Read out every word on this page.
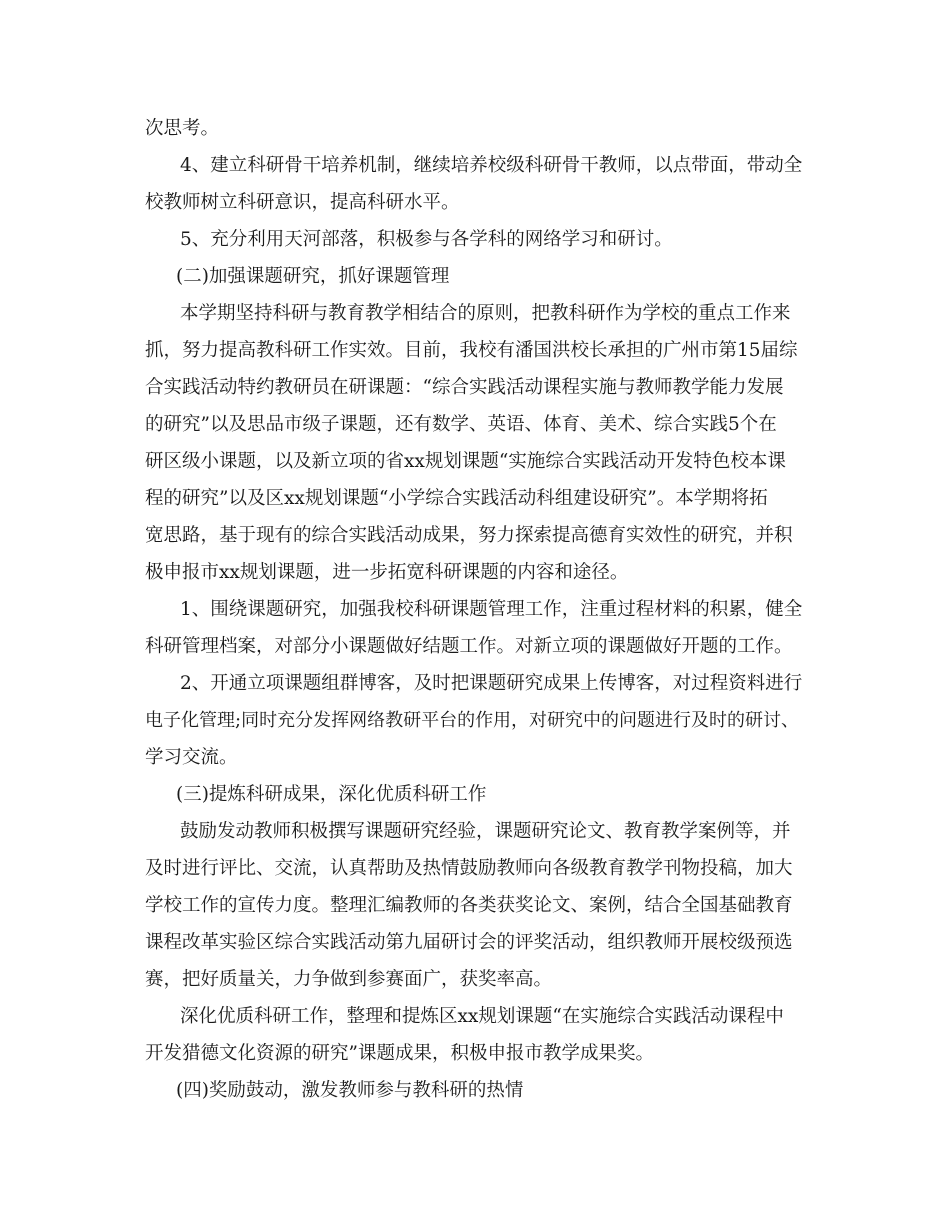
次思考。
4、建立科研骨干培养机制，继续培养校级科研骨干教师，以点带面，带动全
校教师树立科研意识，提高科研水平。
5、充分利用天河部落，积极参与各学科的网络学习和研讨。
(二)加强课题研究，抓好课题管理
本学期坚持科研与教育教学相结合的原则，把教科研作为学校的重点工作来
抓，努力提高教科研工作实效。目前，我校有潘国洪校长承担的广州市第15届综
合实践活动特约教研员在研课题：“综合实践活动课程实施与教师教学能力发展
的研究”以及思品市级子课题，还有数学、英语、体育、美术、综合实践5个在
研区级小课题，以及新立项的省xx规划课题“实施综合实践活动开发特色校本课
程的研究”以及区xx规划课题“小学综合实践活动科组建设研究”。本学期将拓
宽思路，基于现有的综合实践活动成果，努力探索提高德育实效性的研究，并积
极申报市xx规划课题，进一步拓宽科研课题的内容和途径。
1、围绕课题研究，加强我校科研课题管理工作，注重过程材料的积累，健全
科研管理档案，对部分小课题做好结题工作。对新立项的课题做好开题的工作。
2、开通立项课题组群博客，及时把课题研究成果上传博客，对过程资料进行
电子化管理;同时充分发挥网络教研平台的作用，对研究中的问题进行及时的研讨、
学习交流。
(三)提炼科研成果，深化优质科研工作
鼓励发动教师积极撰写课题研究经验，课题研究论文、教育教学案例等，并
及时进行评比、交流，认真帮助及热情鼓励教师向各级教育教学刊物投稿，加大
学校工作的宣传力度。整理汇编教师的各类获奖论文、案例，结合全国基础教育
课程改革实验区综合实践活动第九届研讨会的评奖活动，组织教师开展校级预选
赛，把好质量关，力争做到参赛面广，获奖率高。
深化优质科研工作，整理和提炼区xx规划课题“在实施综合实践活动课程中
开发猎德文化资源的研究”课题成果，积极申报市教学成果奖。
(四)奖励鼓动，激发教师参与教科研的热情
